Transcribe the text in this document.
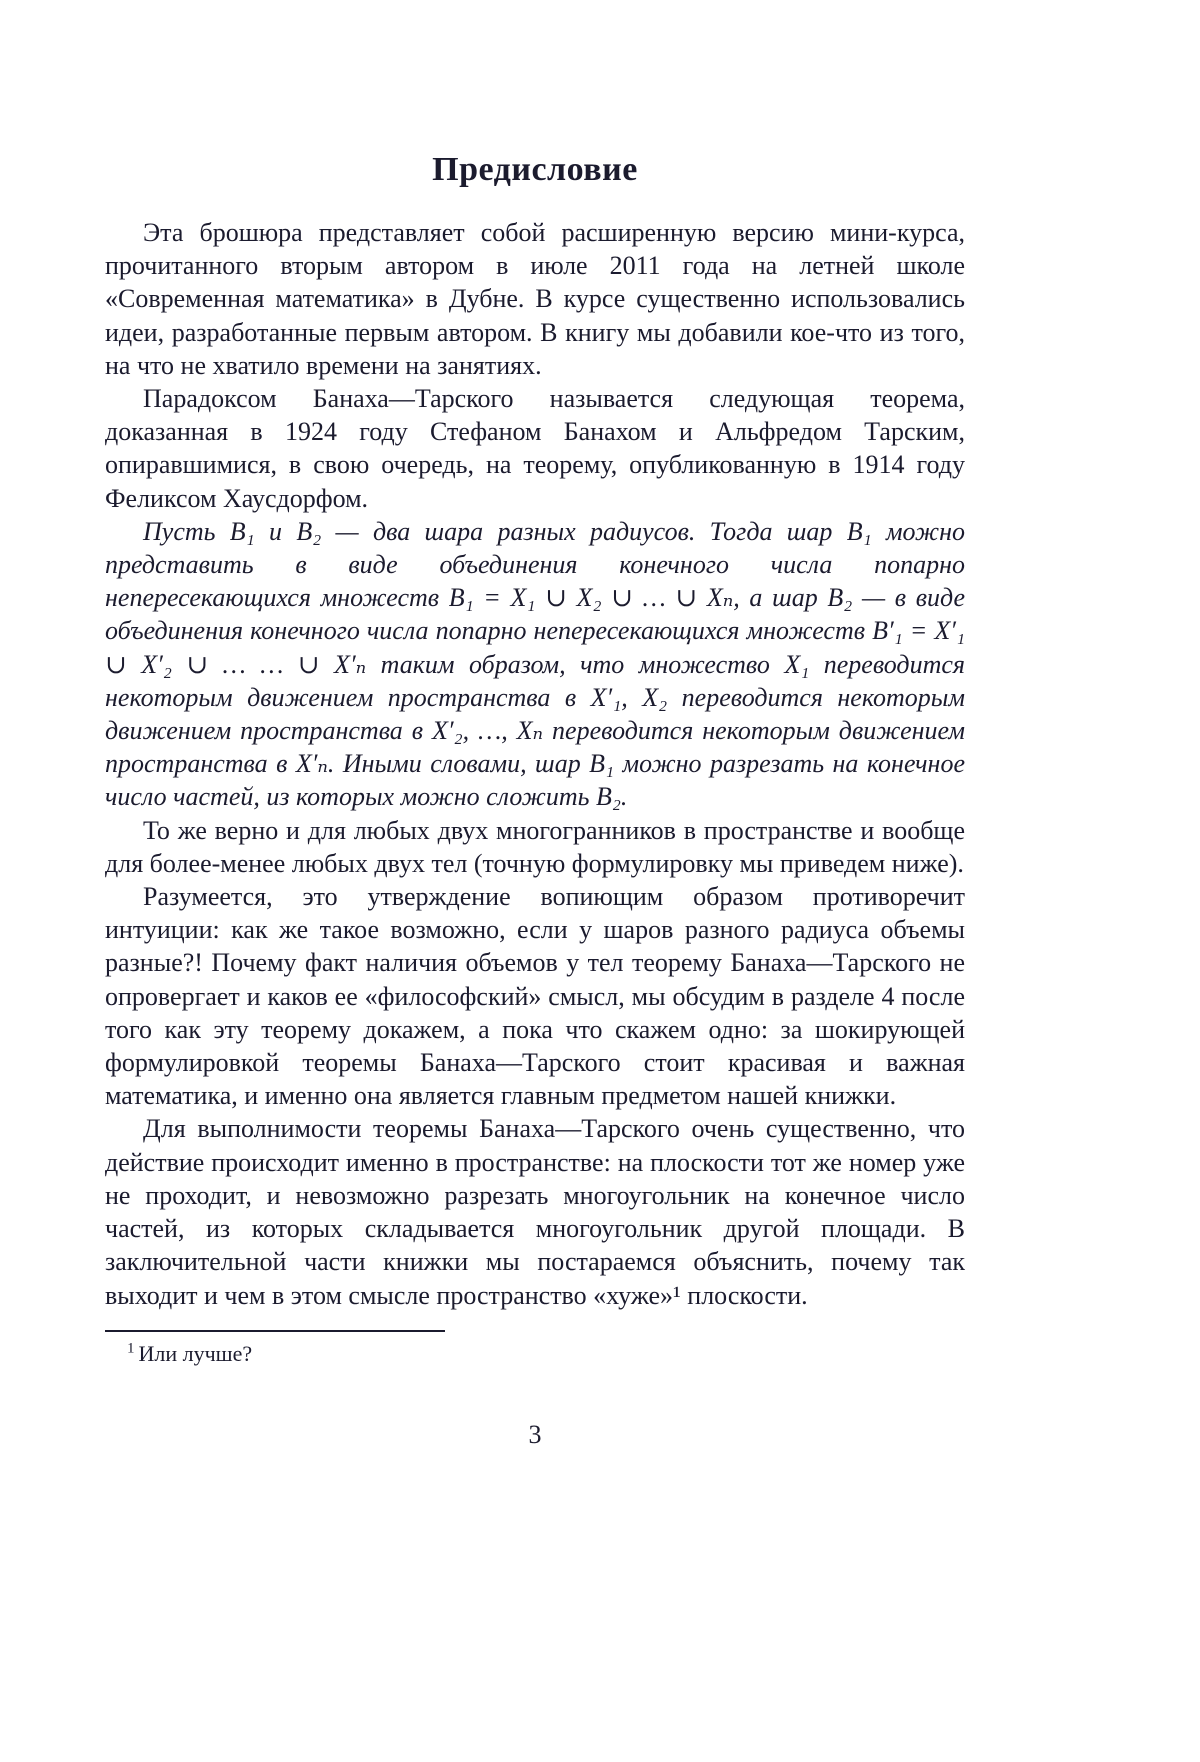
Предисловие

Эта брошюра представляет собой расширенную версию мини-курса, прочитанного вторым автором в июле 2011 года на летней школе «Современная математика» в Дубне. В курсе существенно использовались идеи, разработанные первым автором. В книгу мы добавили кое-что из того, на что не хватило времени на занятиях.

Парадоксом Банаха—Тарского называется следующая теорема, доказанная в 1924 году Стефаном Банахом и Альфредом Тарским, опиравшимися, в свою очередь, на теорему, опубликованную в 1914 году Феликсом Хаусдорфом.

Пусть B₁ и B₂ — два шара разных радиусов. Тогда шар B₁ можно представить в виде объединения конечного числа попарно непересекающихся множеств B₁ = X₁ ∪ X₂ ∪ … ∪ Xₙ, а шар B₂ — в виде объединения конечного числа попарно непересекающихся множеств B′₁ = X′₁ ∪ X′₂ ∪ … … ∪ X′ₙ таким образом, что множество X₁ переводится некоторым движением пространства в X′₁, X₂ переводится некоторым движением пространства в X′₂, …, Xₙ переводится некоторым движением пространства в X′ₙ. Иными словами, шар B₁ можно разрезать на конечное число частей, из которых можно сложить B₂.

То же верно и для любых двух многогранников в пространстве и вообще для более-менее любых двух тел (точную формулировку мы приведем ниже).

Разумеется, это утверждение вопиющим образом противоречит интуиции: как же такое возможно, если у шаров разного радиуса объемы разные?! Почему факт наличия объемов у тел теорему Банаха—Тарского не опровергает и каков ее «философский» смысл, мы обсудим в разделе 4 после того как эту теорему докажем, а пока что скажем одно: за шокирующей формулировкой теоремы Банаха—Тарского стоит красивая и важная математика, и именно она является главным предметом нашей книжки.

Для выполнимости теоремы Банаха—Тарского очень существенно, что действие происходит именно в пространстве: на плоскости тот же номер уже не проходит, и невозможно разрезать многоугольник на конечное число частей, из которых складывается многоугольник другой площади. В заключительной части книжки мы постараемся объяснить, почему так выходит и чем в этом смысле пространство «хуже»¹ плоскости.

$^1$ Или лучше?

3
